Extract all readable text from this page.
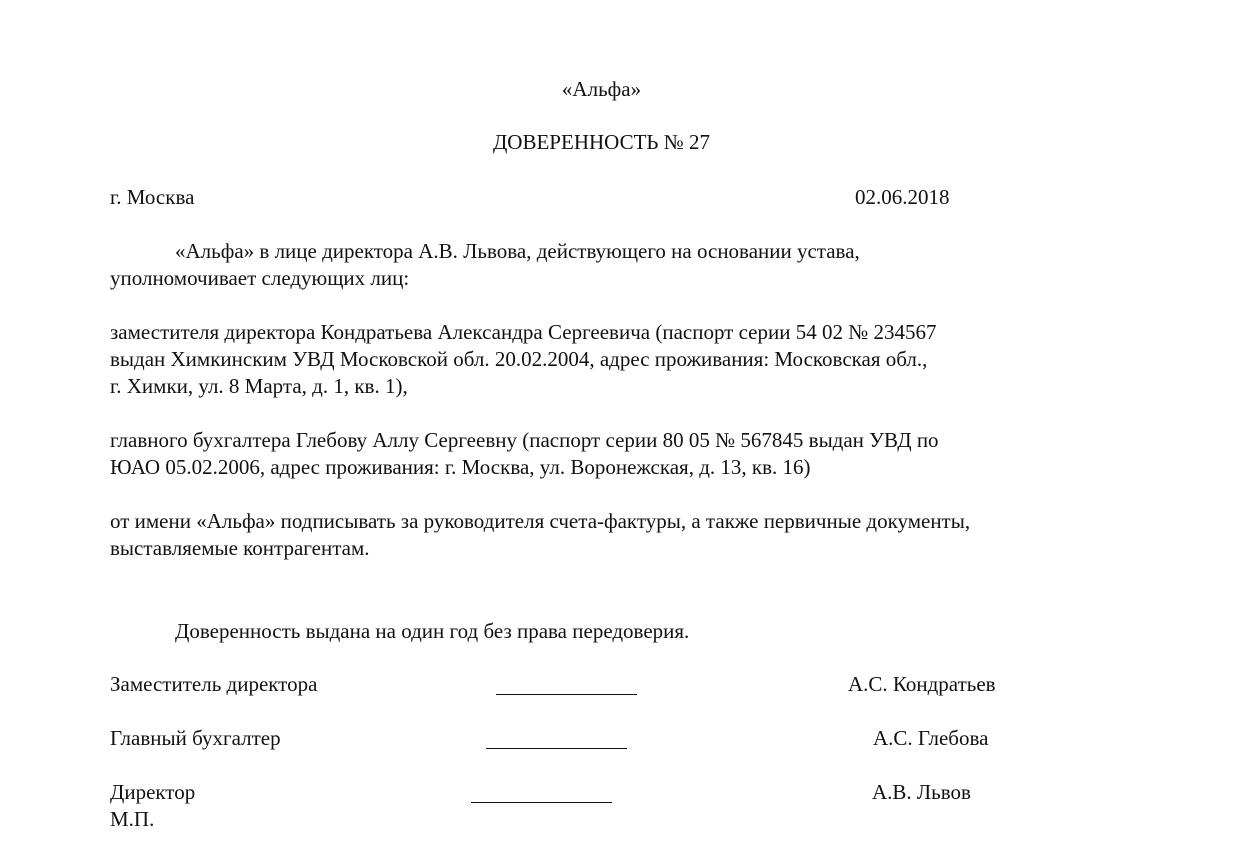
«Альфа»
ДОВЕРЕННОСТЬ № 27
г. Москва	02.06.2018
«Альфа» в лице директора А.В. Львова, действующего на основании устава,
уполномочивает следующих лиц:
заместителя директора Кондратьева Александра Сергеевича (паспорт серии 54 02 № 234567
выдан Химкинским УВД Московской обл. 20.02.2004, адрес проживания: Московская обл.,
г. Химки, ул. 8 Марта, д. 1, кв. 1),
главного бухгалтера Глебову Аллу Сергеевну (паспорт серии 80 05 № 567845 выдан УВД по
ЮАО 05.02.2006, адрес проживания: г. Москва, ул. Воронежская, д. 13, кв. 16)
от имени «Альфа» подписывать за руководителя счета-фактуры, а также первичные документы,
выставляемые контрагентам.
Доверенность выдана на один год без права передоверия.
Заместитель директора	А.С. Кондратьев
Главный бухгалтер	А.С. Глебова
Директор	А.В. Львов
М.П.
